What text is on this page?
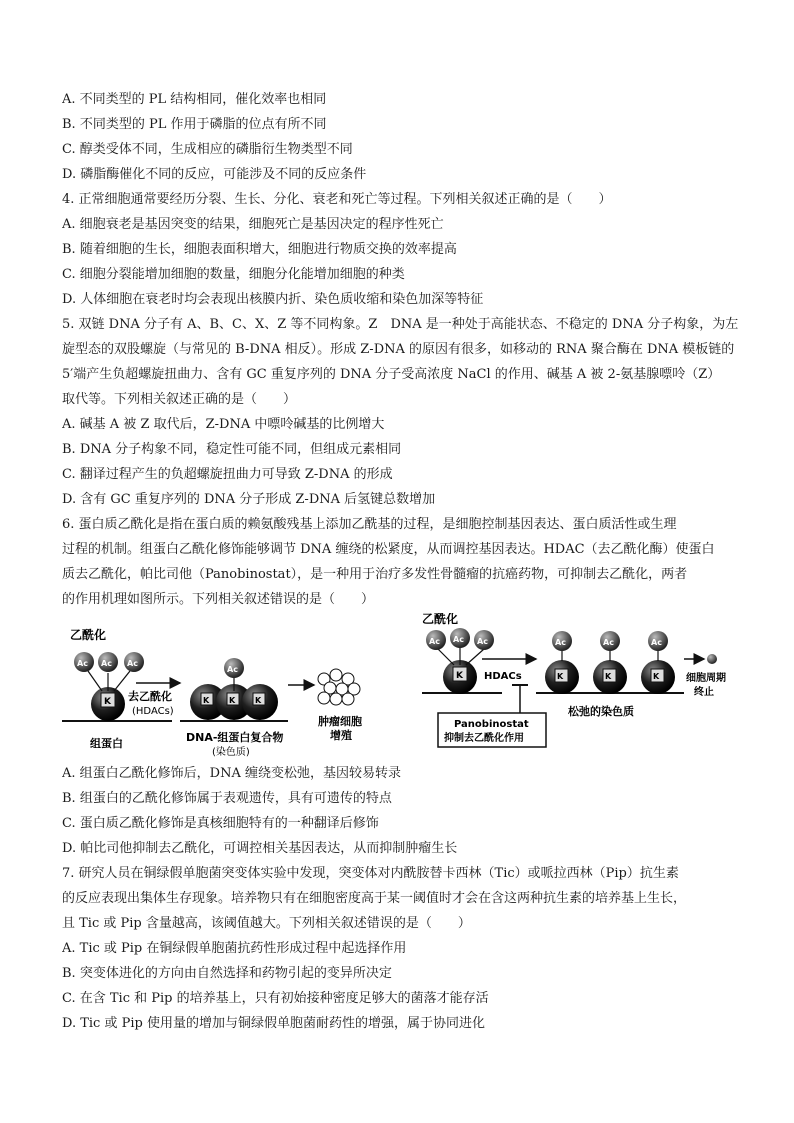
A. 不同类型的 PL 结构相同，催化效率也相同
B. 不同类型的 PL 作用于磷脂的位点有所不同
C. 醇类受体不同，生成相应的磷脂衍生物类型不同
D. 磷脂酶催化不同的反应，可能涉及不同的反应条件
4. 正常细胞通常要经历分裂、生长、分化、衰老和死亡等过程。下列相关叙述正确的是（　　）
A. 细胞衰老是基因突变的结果，细胞死亡是基因决定的程序性死亡
B. 随着细胞的生长，细胞表面积增大，细胞进行物质交换的效率提高
C. 细胞分裂能增加细胞的数量，细胞分化能增加细胞的种类
D. 人体细胞在衰老时均会表现出核膜内折、染色质收缩和染色加深等特征
5. 双链 DNA 分子有 A、B、C、X、Z 等不同构象。Z　DNA 是一种处于高能状态、不稳定的 DNA 分子构象，为左
旋型态的双股螺旋（与常见的 B-DNA 相反）。形成 Z-DNA 的原因有很多，如移动的 RNA 聚合酶在 DNA 模板链的
5′端产生负超螺旋扭曲力、含有 GC 重复序列的 DNA 分子受高浓度 NaCl 的作用、碱基 A 被 2-氨基腺嘌呤（Z）
取代等。下列相关叙述正确的是（　　）
A. 碱基 A 被 Z 取代后，Z-DNA 中嘌呤碱基的比例增大
B. DNA 分子构象不同，稳定性可能不同，但组成元素相同
C. 翻译过程产生的负超螺旋扭曲力可导致 Z-DNA 的形成
D. 含有 GC 重复序列的 DNA 分子形成 Z-DNA 后氢键总数增加
6. 蛋白质乙酰化是指在蛋白质的赖氨酸残基上添加乙酰基的过程，是细胞控制基因表达、蛋白质活性或生理
过程的机制。组蛋白乙酰化修饰能够调节 DNA 缠绕的松紧度，从而调控基因表达。HDAC（去乙酰化酶）使蛋白
质去乙酰化，帕比司他（Panobinostat），是一种用于治疗多发性骨髓瘤的抗癌药物，可抑制去乙酰化，两者
的作用机理如图所示。下列相关叙述错误的是（　　）
乙酰化
K
Ac Ac Ac
组蛋白
去乙酰化
(HDACs)
K K K
Ac
DNA-组蛋白复合物
(染色质)
肿瘤细胞
增殖
乙酰化
K
Ac Ac Ac
HDACs
Panobinostat
抑制去乙酰化作用
K	K	K
Ac	Ac	Ac
松弛的染色质
细胞周期
终止
A. 组蛋白乙酰化修饰后，DNA 缠绕变松弛，基因较易转录
B. 组蛋白的乙酰化修饰属于表观遗传，具有可遗传的特点
C. 蛋白质乙酰化修饰是真核细胞特有的一种翻译后修饰
D. 帕比司他抑制去乙酰化，可调控相关基因表达，从而抑制肿瘤生长
7. 研究人员在铜绿假单胞菌突变体实验中发现，突变体对内酰胺替卡西林（Tic）或哌拉西林（Pip）抗生素
的反应表现出集体生存现象。培养物只有在细胞密度高于某一阈值时才会在含这两种抗生素的培养基上生长，
且 Tic 或 Pip 含量越高，该阈值越大。下列相关叙述错误的是（　　）
A. Tic 或 Pip 在铜绿假单胞菌抗药性形成过程中起选择作用
B. 突变体进化的方向由自然选择和药物引起的变异所决定
C. 在含 Tic 和 Pip 的培养基上，只有初始接种密度足够大的菌落才能存活
D. Tic 或 Pip 使用量的增加与铜绿假单胞菌耐药性的增强，属于协同进化
